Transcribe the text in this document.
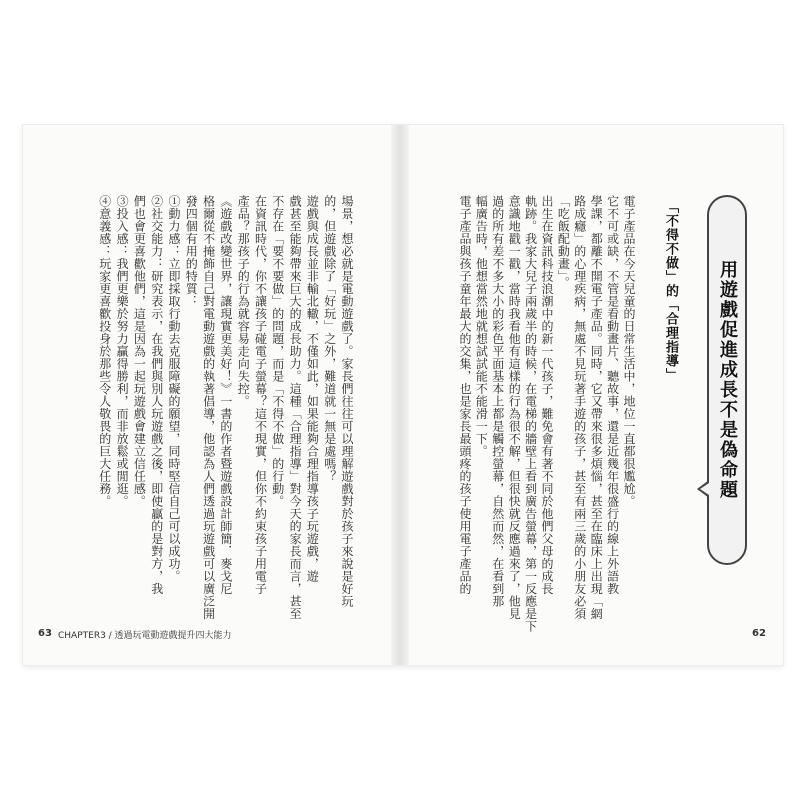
用遊戲促進成長不是偽命題
「不得不做」的「合理指導」
電子產品在今天兒童的日常生活中，地位一直都很尷尬。
它不可或缺，不管是看動畫片、聽故事，還是近幾年很盛行的線上外語教
學課，都離不開電子產品。同時，它又帶來很多煩惱，甚至在臨床上出現「網
路成癮」的心理疾病，無處不見玩著手遊的孩子，甚至有兩三歲的小朋友必須
「吃飯配動畫」。
出生在資訊科技浪潮中的新一代孩子，難免會有著不同於他們父母的成長
軌跡。我家大兒子兩歲半的時候，在電梯的牆壁上看到廣告螢幕，第一反應是下
意識地戳一戳，當時我看他有這樣的行為很不解，但很快就反應過來了，他見
過的所有差不多大小的彩色平面基本上都是觸控螢幕，自然而然，在看到那
幅廣告時，他想當然地就想試試能不能滑一下。
電子產品與孩子童年最大的交集，也是家長最頭疼的孩子使用電子產品的
場景，想必就是電動遊戲了。家長們往往可以理解遊戲對於孩子來說是好玩
的，但遊戲除了「好玩」之外，難道就一無是處嗎？
遊戲與成長並非輸北轍，不僅如此，如果能夠合理指導孩子玩遊戲，遊
戲甚至能夠帶來巨大的成長助力。這種「合理指導」對今天的家長而言，甚至
不存在「要不要做」的問題，而是「不得不做」的行動。
在資訊時代，你不讓孩子碰電子螢幕？這不現實，但你不約束孩子用電子
產品？那孩子的行為就容易走向失控。
《遊戲改變世界，讓現實更美好！》一書的作者暨遊戲設計師簡．麥戈尼
格爾從不掩飾自己對電動遊戲的執著倡導，他認為人們透過玩遊戲可以廣泛開
發四個有用的特質：
①動力感：立即採取行動去克服障礙的願望，同時堅信自己可以成功。
②社交能力：研究表示，在我們與別人玩遊戲之後，即使贏的是對方，我
們也會更喜歡他們，這是因為一起玩遊戲會建立信任感。
③投入感：我們更樂於努力贏得勝利，而非放鬆或閒逛。
④意義感：玩家更喜歡投身於那些令人敬畏的巨大任務。
62
63 CHAPTER3 / 透過玩電動遊戲提升四大能力
